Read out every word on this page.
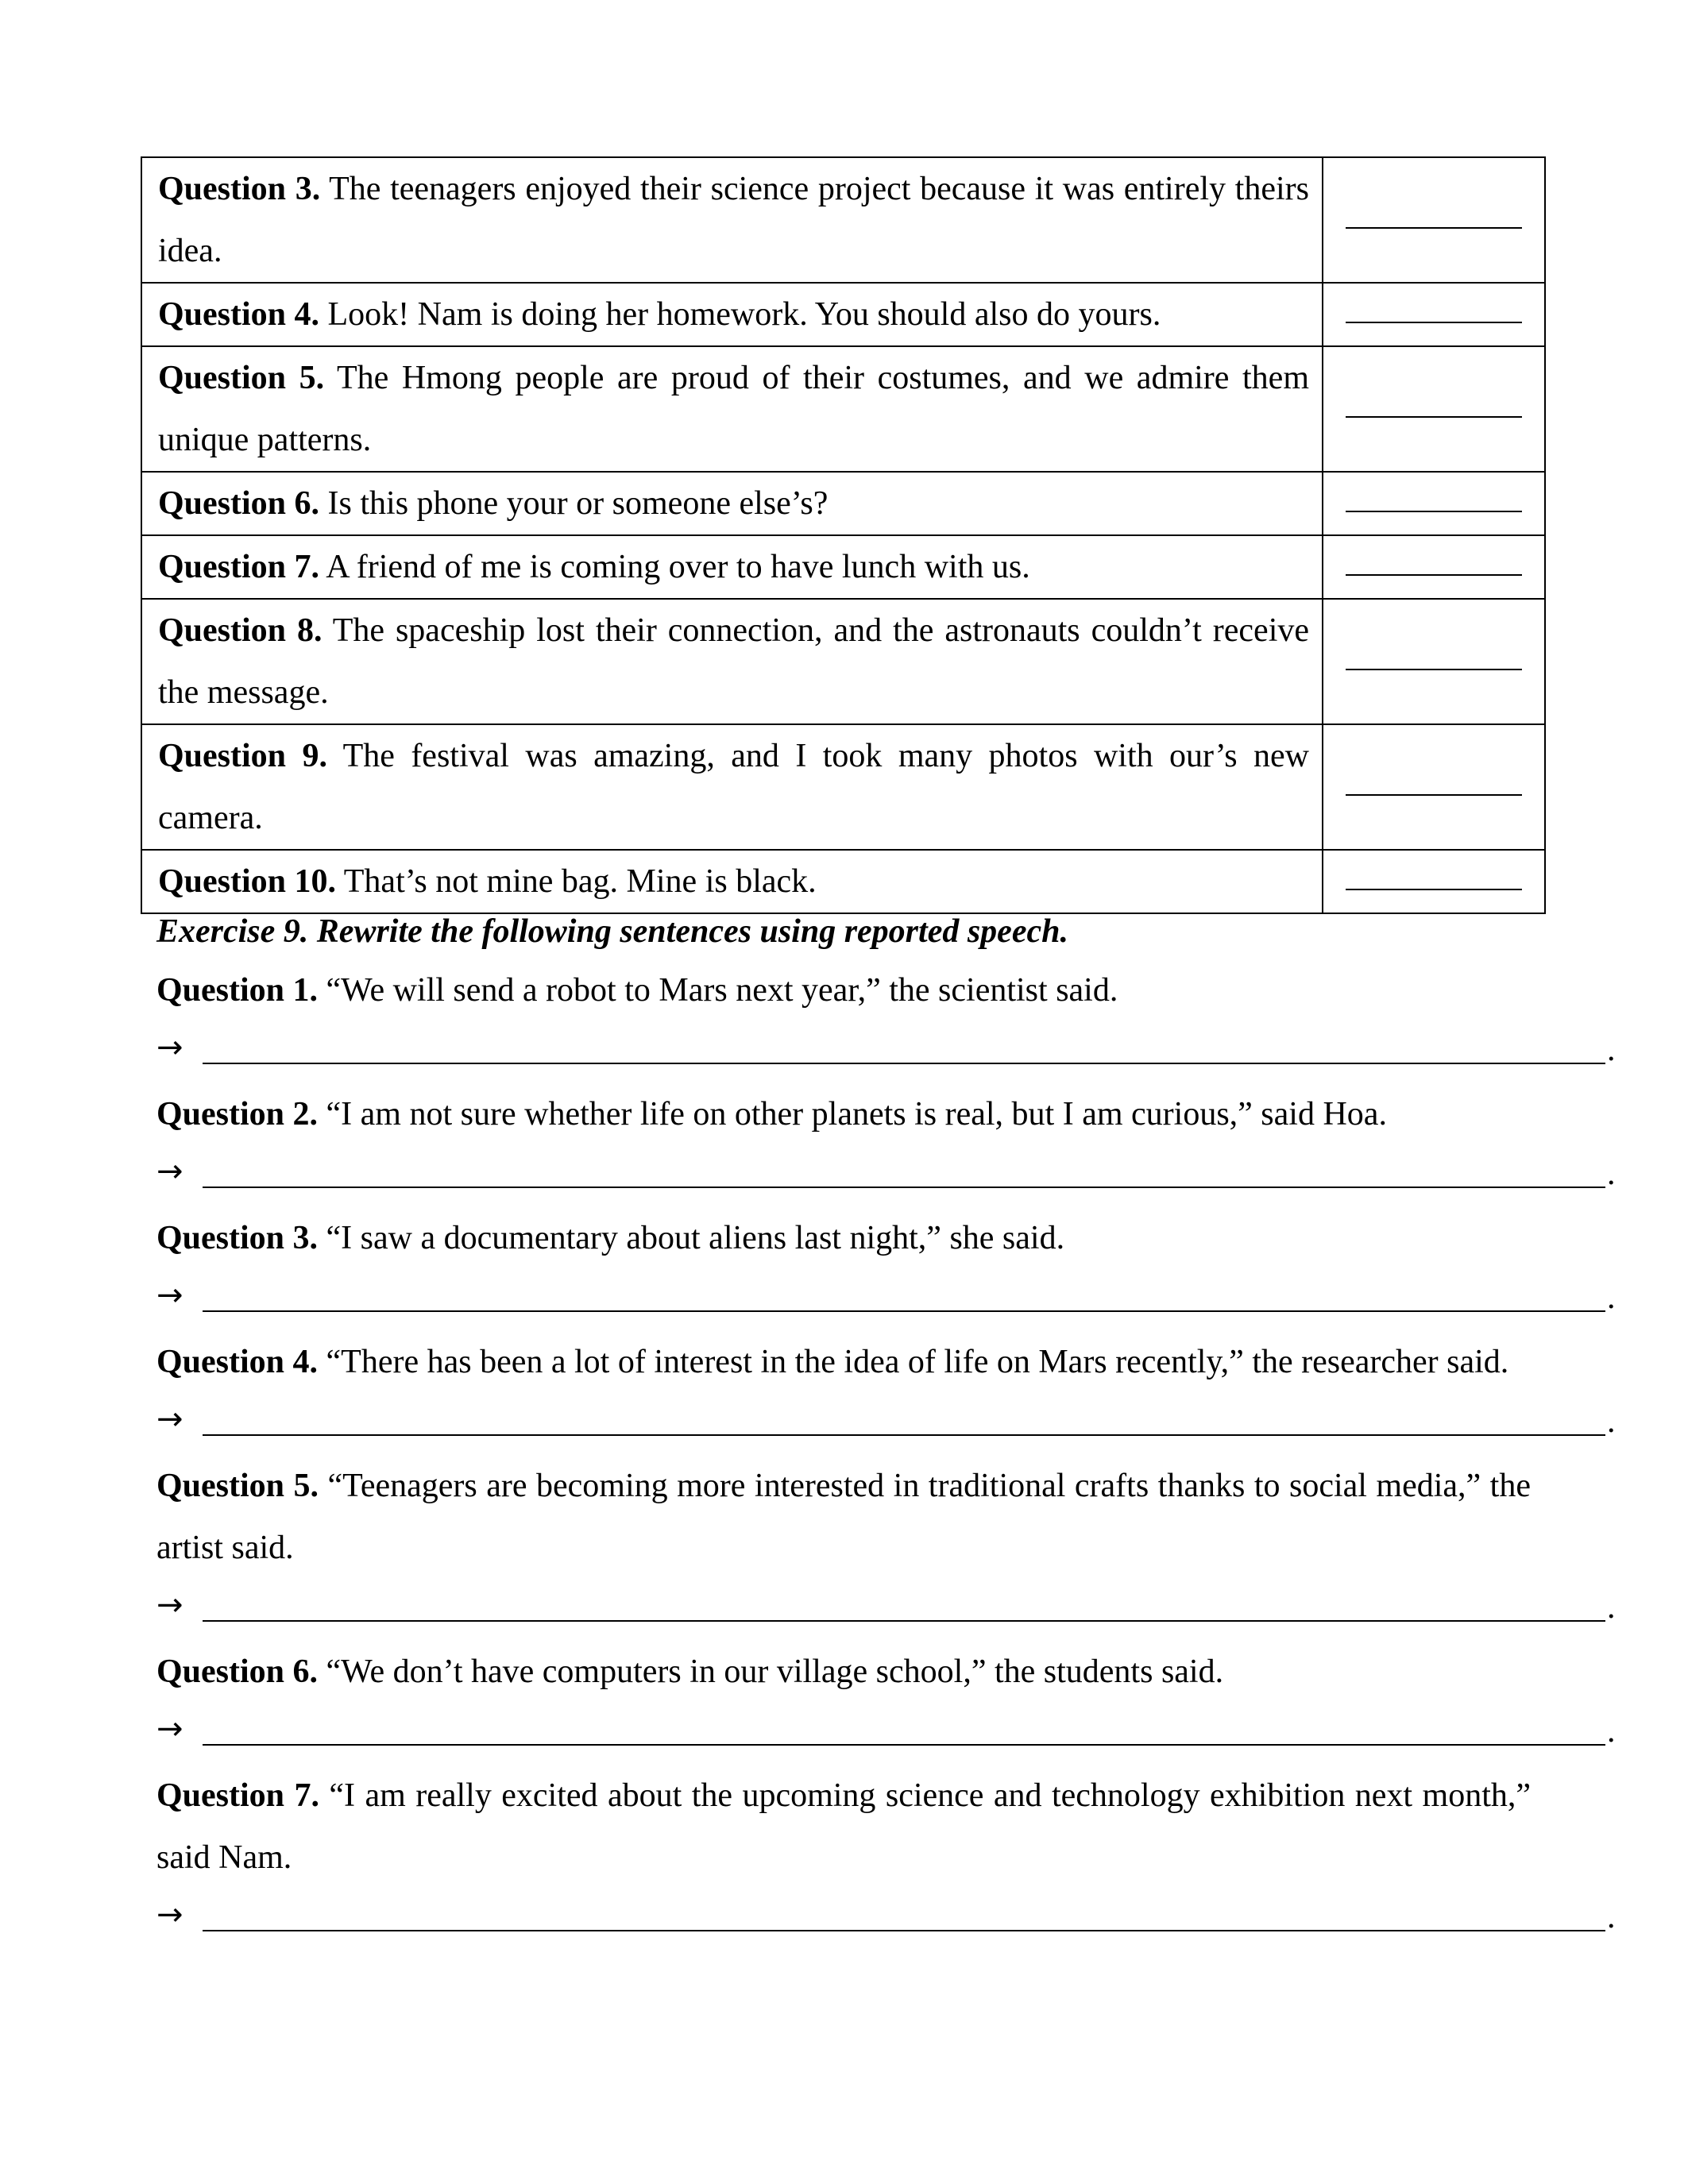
Question 3. The teenagers enjoyed their science project because it was entirely theirs idea.	

Question 4. Look! Nam is doing her homework. You should also do yours.	

Question 5. The Hmong people are proud of their costumes, and we admire them unique patterns.	

Question 6. Is this phone your or someone else’s?	

Question 7. A friend of me is coming over to have lunch with us.	

Question 8. The spaceship lost their connection, and the astronauts couldn’t receive the message.	

Question 9. The festival was amazing, and I took many photos with our’s new camera.	

Question 10. That’s not mine bag. Mine is black.	

Exercise 9. Rewrite the following sentences using reported speech.
Question 1. “We will send a robot to Mars next year,” the scientist said.
→	.
Question 2. “I am not sure whether life on other planets is real, but I am curious,” said Hoa.
→	.
Question 3. “I saw a documentary about aliens last night,” she said.
→	.
Question 4. “There has been a lot of interest in the idea of life on Mars recently,” the researcher said.
→	.
Question 5. “Teenagers are becoming more interested in traditional crafts thanks to social media,” the artist said.
→	.
Question 6. “We don’t have computers in our village school,” the students said.
→	.
Question 7. “I am really excited about the upcoming science and technology exhibition next month,” said Nam.
→	.
